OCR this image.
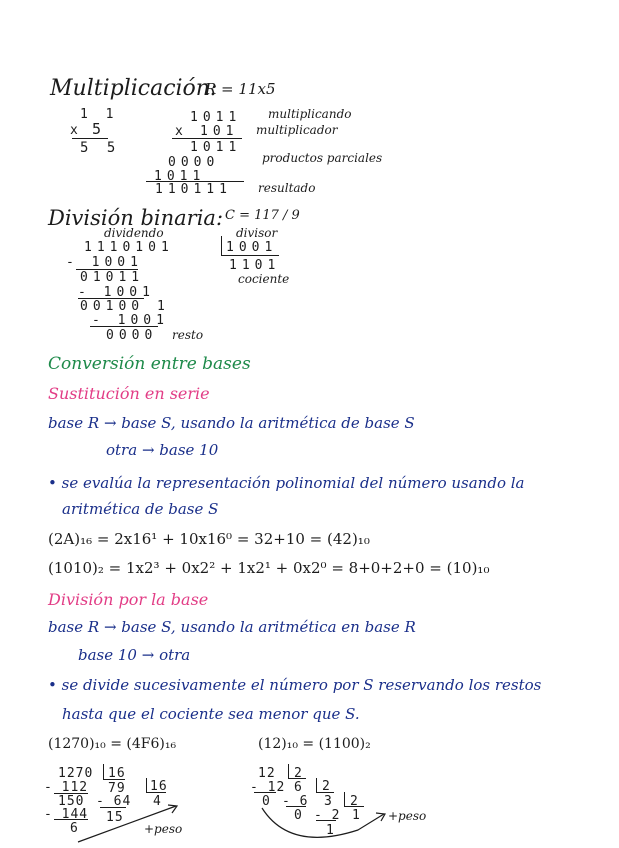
Multiplicación:
R = 11x5
1 1
x 5
5 5
1011
x 101
1011
0000
1011
110111
multiplicando
multiplicador
productos parciales
resultado
División binaria: C = 117 / 9
dividendo	divisor
1110101	1001
1101
cociente
- 1001
01011
- 1001
00100 1
- 1001
0000 resto
Conversión entre bases
Sustitución en serie
base R → base S, usando la aritmética de base S
otra → base 10
• se evalúa la representación polinomial del número usando la
aritmética de base S
(2A)₁₆ = 2x16¹ + 10x16⁰ = 32+10 = (42)₁₀
(1010)₂ = 1x2³ + 0x2² + 1x2¹ + 0x2⁰ = 8+0+2+0 = (10)₁₀
División por la base
base R → base S, usando la aritmética en base R
base 10 → otra
• se divide sucesivamente el número por S reservando los restos
hasta que el cociente sea menor que S.
(1270)₁₀ = (4F6)₁₆	(12)₁₀ = (1100)₂
1270 16
79 16
4
- 112
150
- 144
6
- 64
15
+peso
12 2
6 2
3 2
1
- 12
0 - 6
0 - 2
1
+peso
